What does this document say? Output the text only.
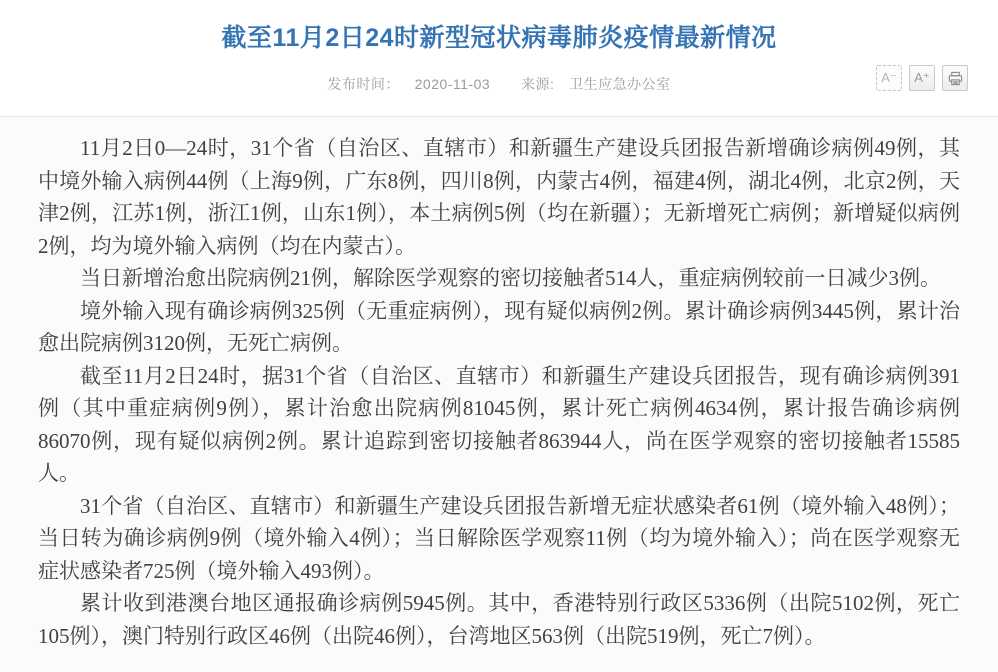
截至11月2日24时新型冠状病毒肺炎疫情最新情况
发布时间： 2020-11-03 来源: 卫生应急办公室	A⁻	A⁺

11月2日0—24时，31个省（自治区、直辖市）和新疆生产建设兵团报告新增确诊病例49例，其中境外输入病例44例（上海9例，广东8例，四川8例，内蒙古4例，福建4例，湖北4例，北京2例，天津2例，江苏1例，浙江1例，山东1例），本土病例5例（均在新疆）；无新增死亡病例；新增疑似病例2例，均为境外输入病例（均在内蒙古）。

当日新增治愈出院病例21例，解除医学观察的密切接触者514人，重症病例较前一日减少3例。

境外输入现有确诊病例325例（无重症病例），现有疑似病例2例。累计确诊病例3445例，累计治愈出院病例3120例，无死亡病例。

截至11月2日24时，据31个省（自治区、直辖市）和新疆生产建设兵团报告，现有确诊病例391例（其中重症病例9例），累计治愈出院病例81045例，累计死亡病例4634例，累计报告确诊病例86070例，现有疑似病例2例。累计追踪到密切接触者863944人，尚在医学观察的密切接触者15585人。

31个省（自治区、直辖市）和新疆生产建设兵团报告新增无症状感染者61例（境外输入48例）；当日转为确诊病例9例（境外输入4例）；当日解除医学观察11例（均为境外输入）；尚在医学观察无症状感染者725例（境外输入493例）。

累计收到港澳台地区通报确诊病例5945例。其中，香港特别行政区5336例（出院5102例，死亡105例），澳门特别行政区46例（出院46例），台湾地区563例（出院519例，死亡7例）。
